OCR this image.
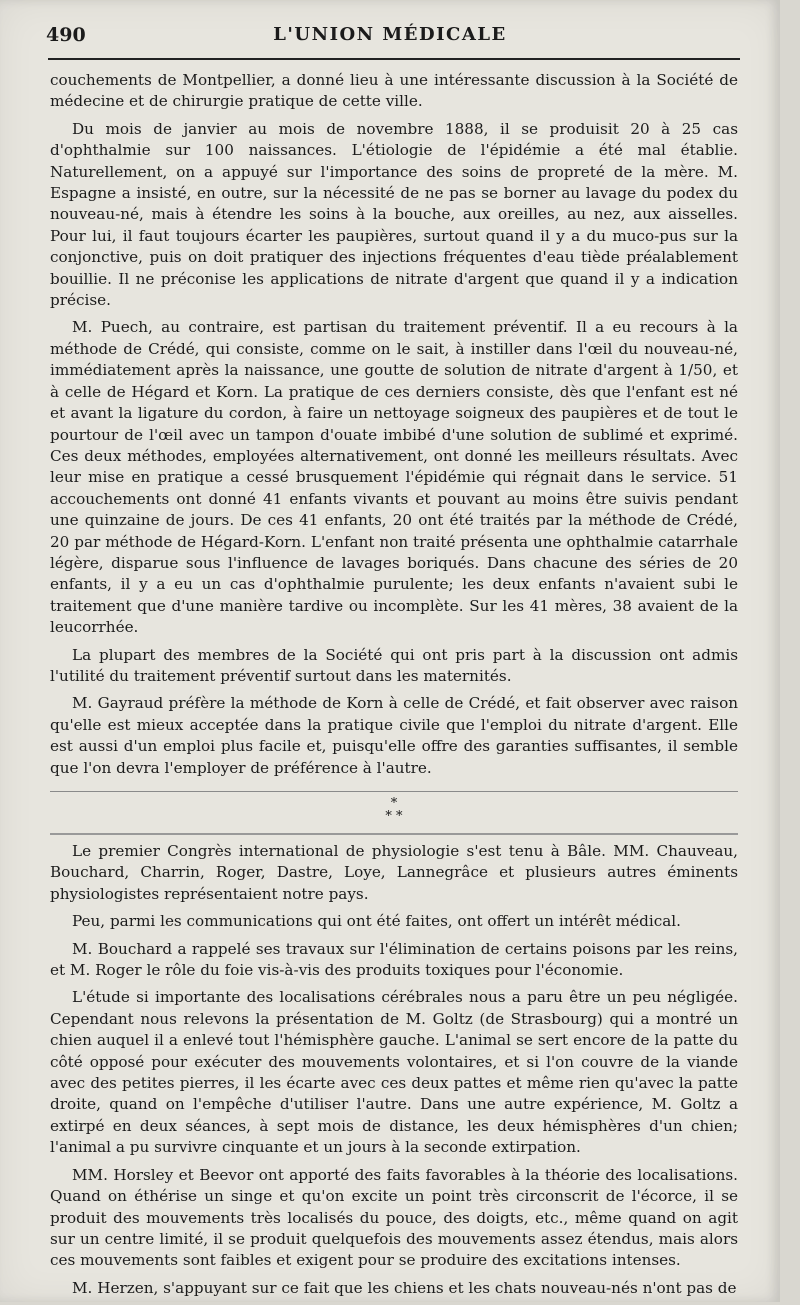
490	L'UNION MÉDICALE

couchements de Montpellier, a donné lieu à une intéressante discussion à la Société de médecine et de chirurgie pratique de cette ville.

Du mois de janvier au mois de novembre 1888, il se produisit 20 à 25 cas d'ophthalmie sur 100 naissances. L'étiologie de l'épidémie a été mal établie. Naturellement, on a appuyé sur l'importance des soins de propreté de la mère. M. Espagne a insisté, en outre, sur la nécessité de ne pas se borner au lavage du podex du nouveau-né, mais à étendre les soins à la bouche, aux oreilles, au nez, aux aisselles. Pour lui, il faut toujours écarter les paupières, surtout quand il y a du muco-pus sur la conjonctive, puis on doit pratiquer des injections fréquentes d'eau tiède préalablement bouillie. Il ne préconise les applications de nitrate d'argent que quand il y a indication précise.

M. Puech, au contraire, est partisan du traitement préventif. Il a eu recours à la méthode de Crédé, qui consiste, comme on le sait, à instiller dans l'œil du nouveau-né, immédiatement après la naissance, une goutte de solution de nitrate d'argent à 1/50, et à celle de Hégard et Korn. La pratique de ces derniers consiste, dès que l'enfant est né et avant la ligature du cordon, à faire un nettoyage soigneux des paupières et de tout le pourtour de l'œil avec un tampon d'ouate imbibé d'une solution de sublimé et exprimé. Ces deux méthodes, employées alternativement, ont donné les meilleurs résultats. Avec leur mise en pratique a cessé brusquement l'épidémie qui régnait dans le service. 51 accouchements ont donné 41 enfants vivants et pouvant au moins être suivis pendant une quinzaine de jours. De ces 41 enfants, 20 ont été traités par la méthode de Crédé, 20 par méthode de Hégard-Korn. L'enfant non traité présenta une ophthalmie catarrhale légère, disparue sous l'influence de lavages boriqués. Dans chacune des séries de 20 enfants, il y a eu un cas d'ophthalmie purulente; les deux enfants n'avaient subi le traitement que d'une manière tardive ou incomplète. Sur les 41 mères, 38 avaient de la leucorrhée.

La plupart des membres de la Société qui ont pris part à la discussion ont admis l'utilité du traitement préventif surtout dans les maternités.

M. Gayraud préfère la méthode de Korn à celle de Crédé, et fait observer avec raison qu'elle est mieux acceptée dans la pratique civile que l'emploi du nitrate d'argent. Elle est aussi d'un emploi plus facile et, puisqu'elle offre des garanties suffisantes, il semble que l'on devra l'employer de préférence à l'autre.

*
* *

Le premier Congrès international de physiologie s'est tenu à Bâle. MM. Chauveau, Bouchard, Charrin, Roger, Dastre, Loye, Lannegrâce et plusieurs autres éminents physiologistes représentaient notre pays.

Peu, parmi les communications qui ont été faites, ont offert un intérêt médical.

M. Bouchard a rappelé ses travaux sur l'élimination de certains poisons par les reins, et M. Roger le rôle du foie vis-à-vis des produits toxiques pour l'économie.

L'étude si importante des localisations cérébrales nous a paru être un peu négligée. Cependant nous relevons la présentation de M. Goltz (de Strasbourg) qui a montré un chien auquel il a enlevé tout l'hémisphère gauche. L'animal se sert encore de la patte du côté opposé pour exécuter des mouvements volontaires, et si l'on couvre de la viande avec des petites pierres, il les écarte avec ces deux pattes et même rien qu'avec la patte droite, quand on l'empêche d'utiliser l'autre. Dans une autre expérience, M. Goltz a extirpé en deux séances, à sept mois de distance, les deux hémisphères d'un chien; l'animal a pu survivre cinquante et un jours à la seconde extirpation.

MM. Horsley et Beevor ont apporté des faits favorables à la théorie des localisations. Quand on éthérise un singe et qu'on excite un point très circonscrit de l'écorce, il se produit des mouvements très localisés du pouce, des doigts, etc., même quand on agit sur un centre limité, il se produit quelquefois des mouvements assez étendus, mais alors ces mouvements sont faibles et exigent pour se produire des excitations intenses.

M. Herzen, s'appuyant sur ce fait que les chiens et les chats nouveau-nés n'ont pas de
